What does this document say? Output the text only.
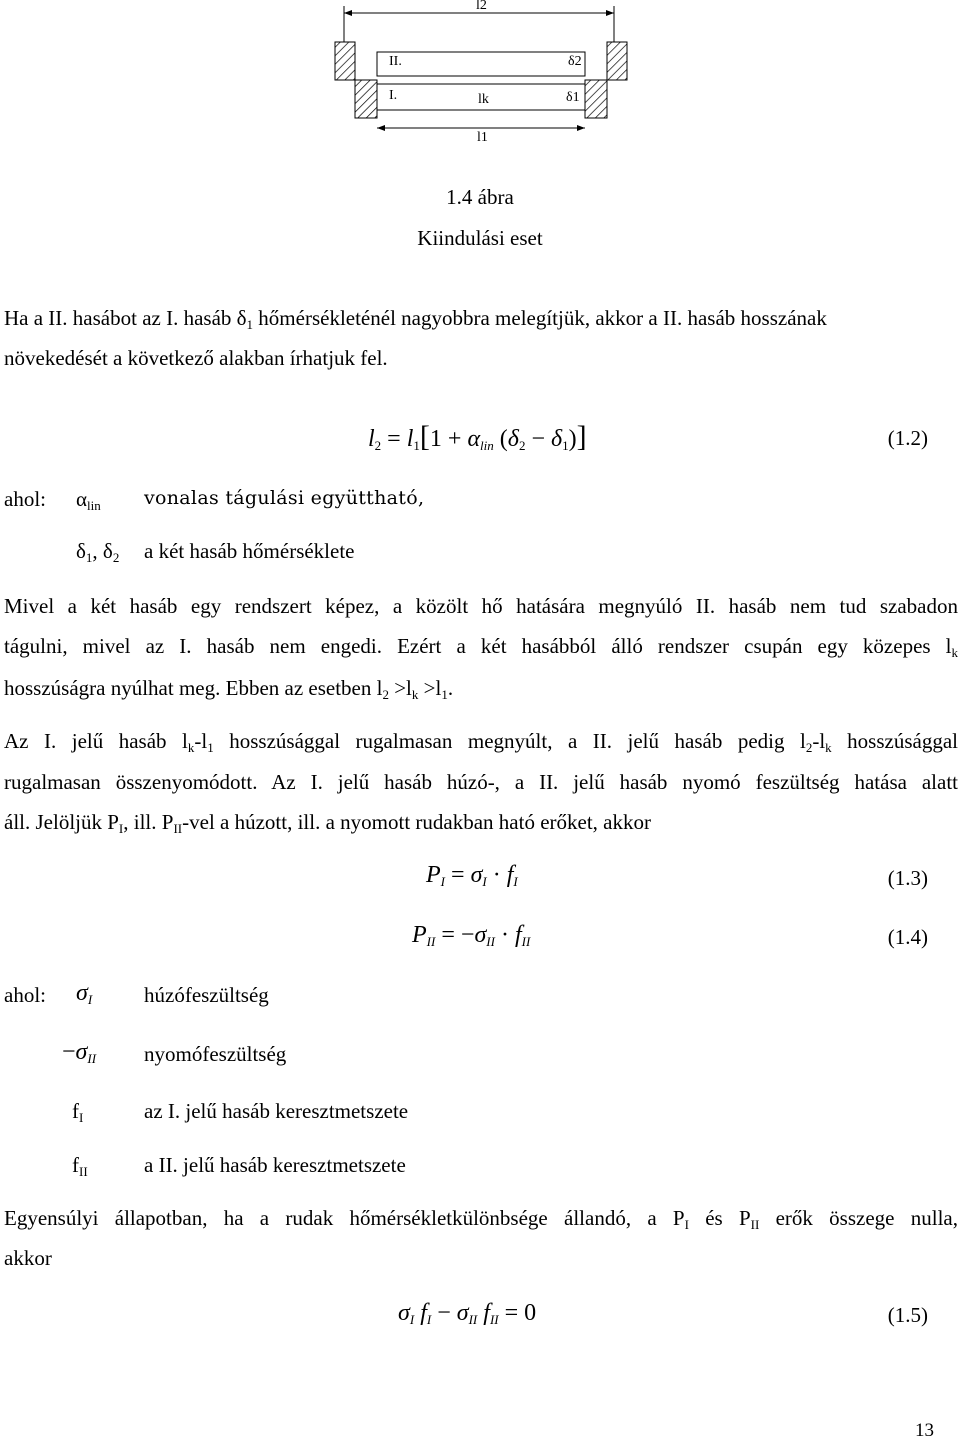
l2
II.	δ2
I.	lk	δ1
l1
1.4 ábra
Kiindulási eset
Ha a II. hasábot az I. hasáb $\delta_1$ hőmérsékleténél nagyobbra melegítjük, akkor a II. hasáb hosszának
növekedését a következő alakban írhatjuk fel.
$l_2 = l_1[1 + \alpha_{lin}$ $(\delta_2 - \delta_1)$]	(1.2)
ahol: $\alpha_{lin}$ vonalas tágulási együttható,
$\delta_1$, $\delta_2$ a két hasáb hőmérséklete
Mivel a két hasáb egy rendszert képez, a közölt hő hatására megnyúló II. hasáb nem tud szabadon
tágulni, mivel az I. hasáb nem engedi. Ezért a két hasábból álló rendszer csupán egy közepes $l_k$
hosszúságra nyúlhat meg. Ebben az esetben $l_2 >l_k >l_1$.
Az I. jelű hasáb $l_k-l_1$ hosszúsággal rugalmasan megnyúlt, a II. jelű hasáb pedig $l_2-l_k$ hosszúsággal
rugalmasan összenyomódott. Az I. jelű hasáb húzó-, a II. jelű hasáb nyomó feszültség hatása alatt
áll. Jelöljük $P_I$, ill. $P_{II}$-vel a húzott, ill. a nyomott rudakban ható erőket, akkor
$P_I = \sigma_I \cdot f_I$	(1.3)
$P_{II} = -\sigma_{II} \cdot f_{II}$	(1.4)
ahol: $\sigma_I$ húzófeszültség
$-\sigma_{II}$ nyomófeszültség
$f_I$	az I. jelű hasáb keresztmetszete
$f_{II}$	a II. jelű hasáb keresztmetszete
Egyensúlyi állapotban, ha a rudak hőmérsékletkülönbsége állandó, a $P_I$ és $P_{II}$ erők összege nulla,
akkor
$\sigma_I$ $f_I - \sigma_{II}$ $f_{II} = 0$	(1.5)
13
